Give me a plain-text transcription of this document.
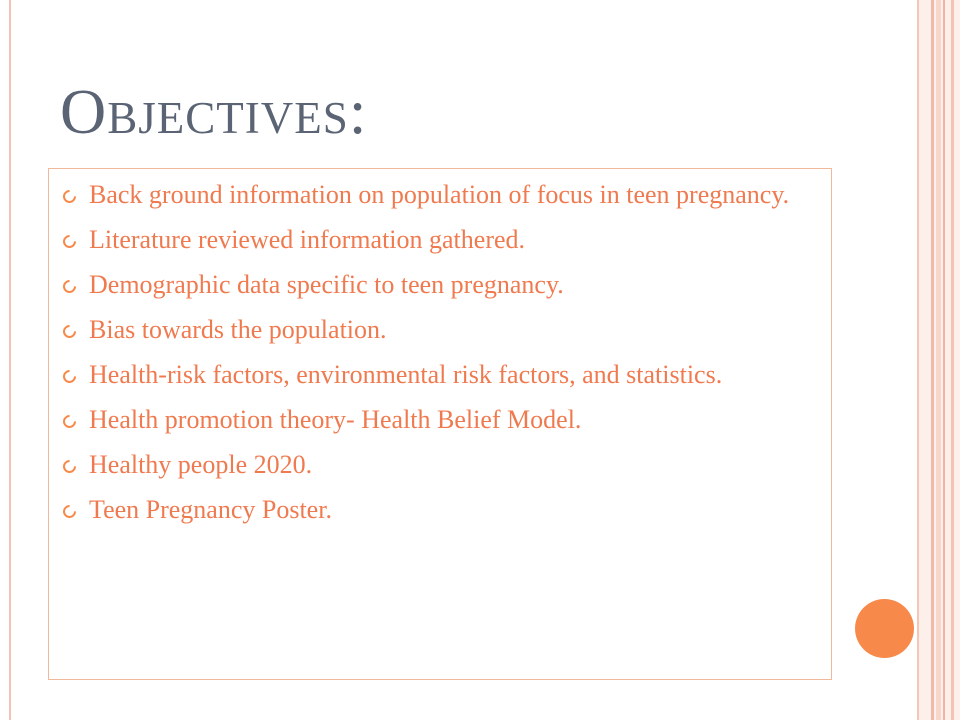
Objectives:
Back ground information on population of focus in teen pregnancy.
Literature reviewed information gathered.
Demographic data specific to teen pregnancy.
Bias towards the population.
Health-risk factors, environmental risk factors, and statistics.
Health promotion theory- Health Belief Model.
Healthy people 2020.
Teen Pregnancy Poster.
